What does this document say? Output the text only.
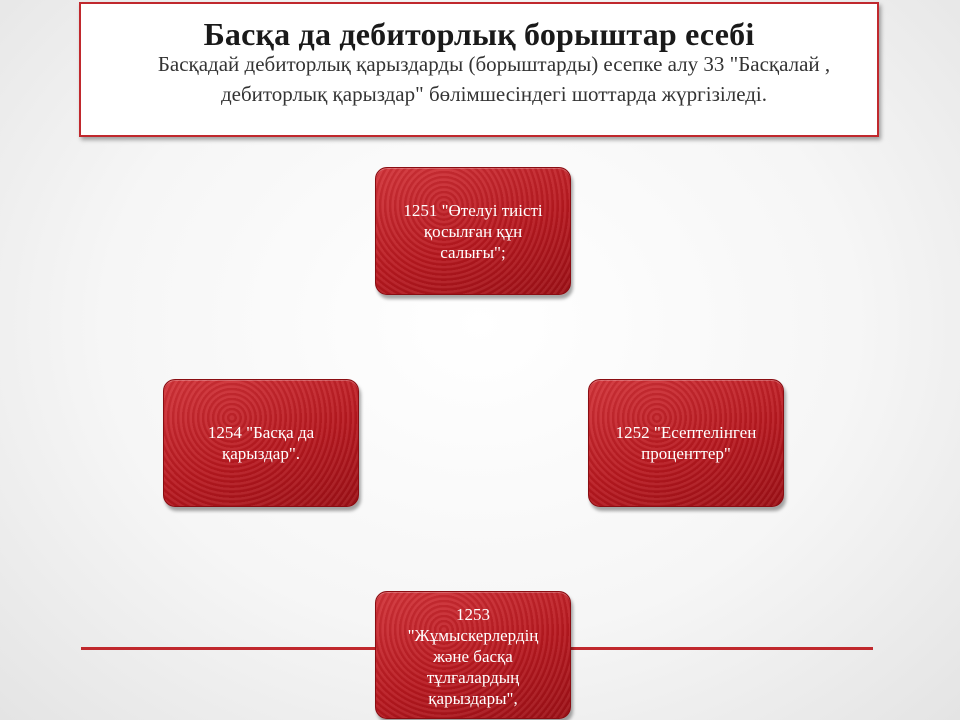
Басқа да дебиторлық борыштар есебі

Басқадай дебиторлық қарыздарды (борыштарды) есепке алу 33 "Басқалай , дебиторлық қарыздар" бөлімшесіндегі шоттарда жүргізіледі.

1251 "Өтелуі тиісті қосылған құн салығы";
1254 "Басқа да қарыздар".
1252 "Есептелінген проценттер"
1253 "Жұмыскерлердің және басқа тұлғалардың қарыздары",
